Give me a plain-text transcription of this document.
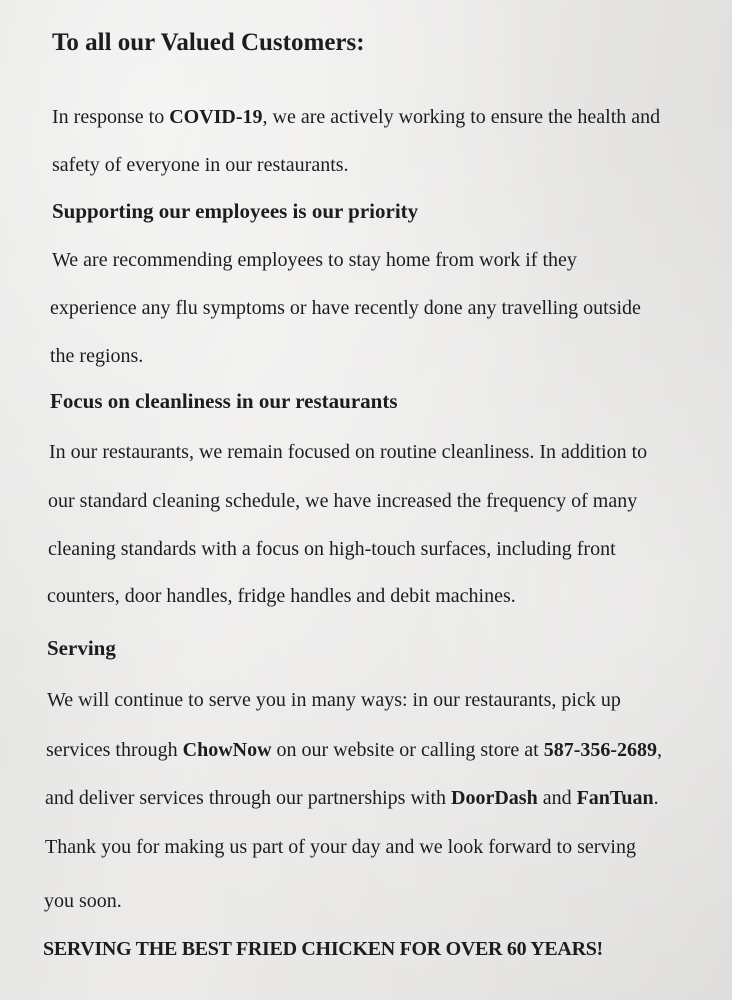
To all our Valued Customers:
In response to COVID-19, we are actively working to ensure the health and
safety of everyone in our restaurants.
Supporting our employees is our priority
We are recommending employees to stay home from work if they
experience any flu symptoms or have recently done any travelling outside
the regions.
Focus on cleanliness in our restaurants
In our restaurants, we remain focused on routine cleanliness. In addition to
our standard cleaning schedule, we have increased the frequency of many
cleaning standards with a focus on high-touch surfaces, including front
counters, door handles, fridge handles and debit machines.
Serving
We will continue to serve you in many ways: in our restaurants, pick up
services through ChowNow on our website or calling store at 587-356-2689,
and deliver services through our partnerships with DoorDash and FanTuan.
Thank you for making us part of your day and we look forward to serving
you soon.
SERVING THE BEST FRIED CHICKEN FOR OVER 60 YEARS!
